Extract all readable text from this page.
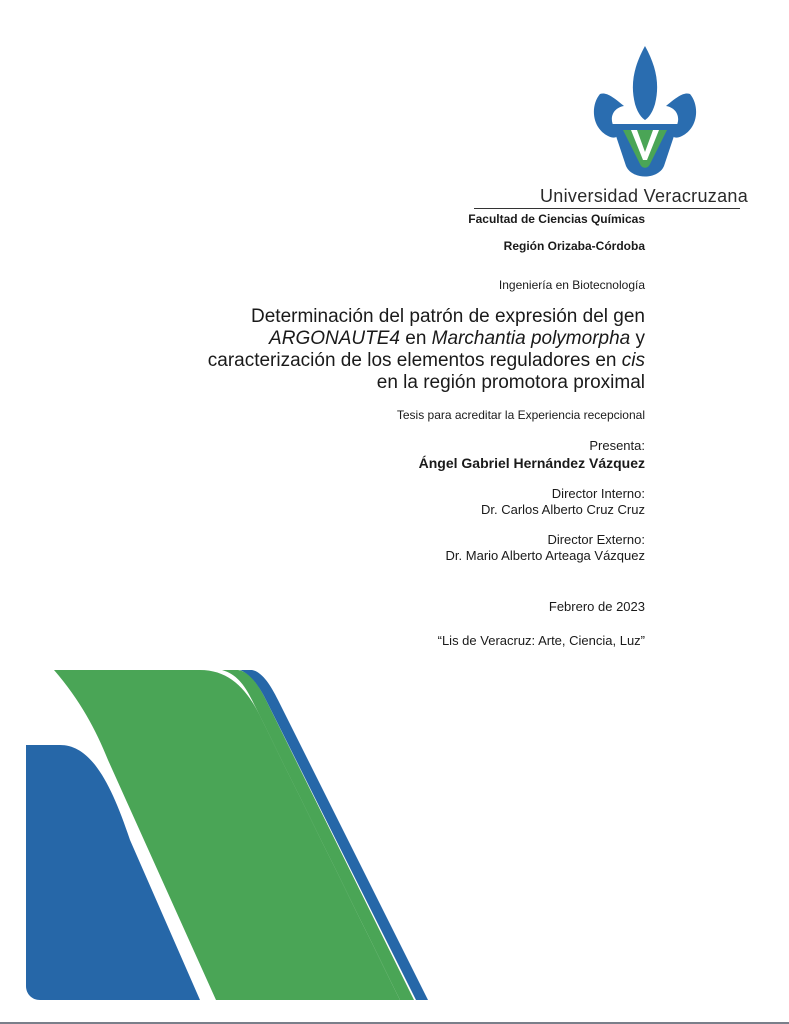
Universidad Veracruzana
Facultad de Ciencias Químicas
Región Orizaba-Córdoba
Ingeniería en Biotecnología
Determinación del patrón de expresión del gen ARGONAUTE4 en Marchantia polymorpha y caracterización de los elementos reguladores en cis en la región promotora proximal
Tesis para acreditar la Experiencia recepcional
Presenta:
Ángel Gabriel Hernández Vázquez
Director Interno:
Dr. Carlos Alberto Cruz Cruz
Director Externo:
Dr. Mario Alberto Arteaga Vázquez
Febrero de 2023
“Lis de Veracruz: Arte, Ciencia, Luz”
